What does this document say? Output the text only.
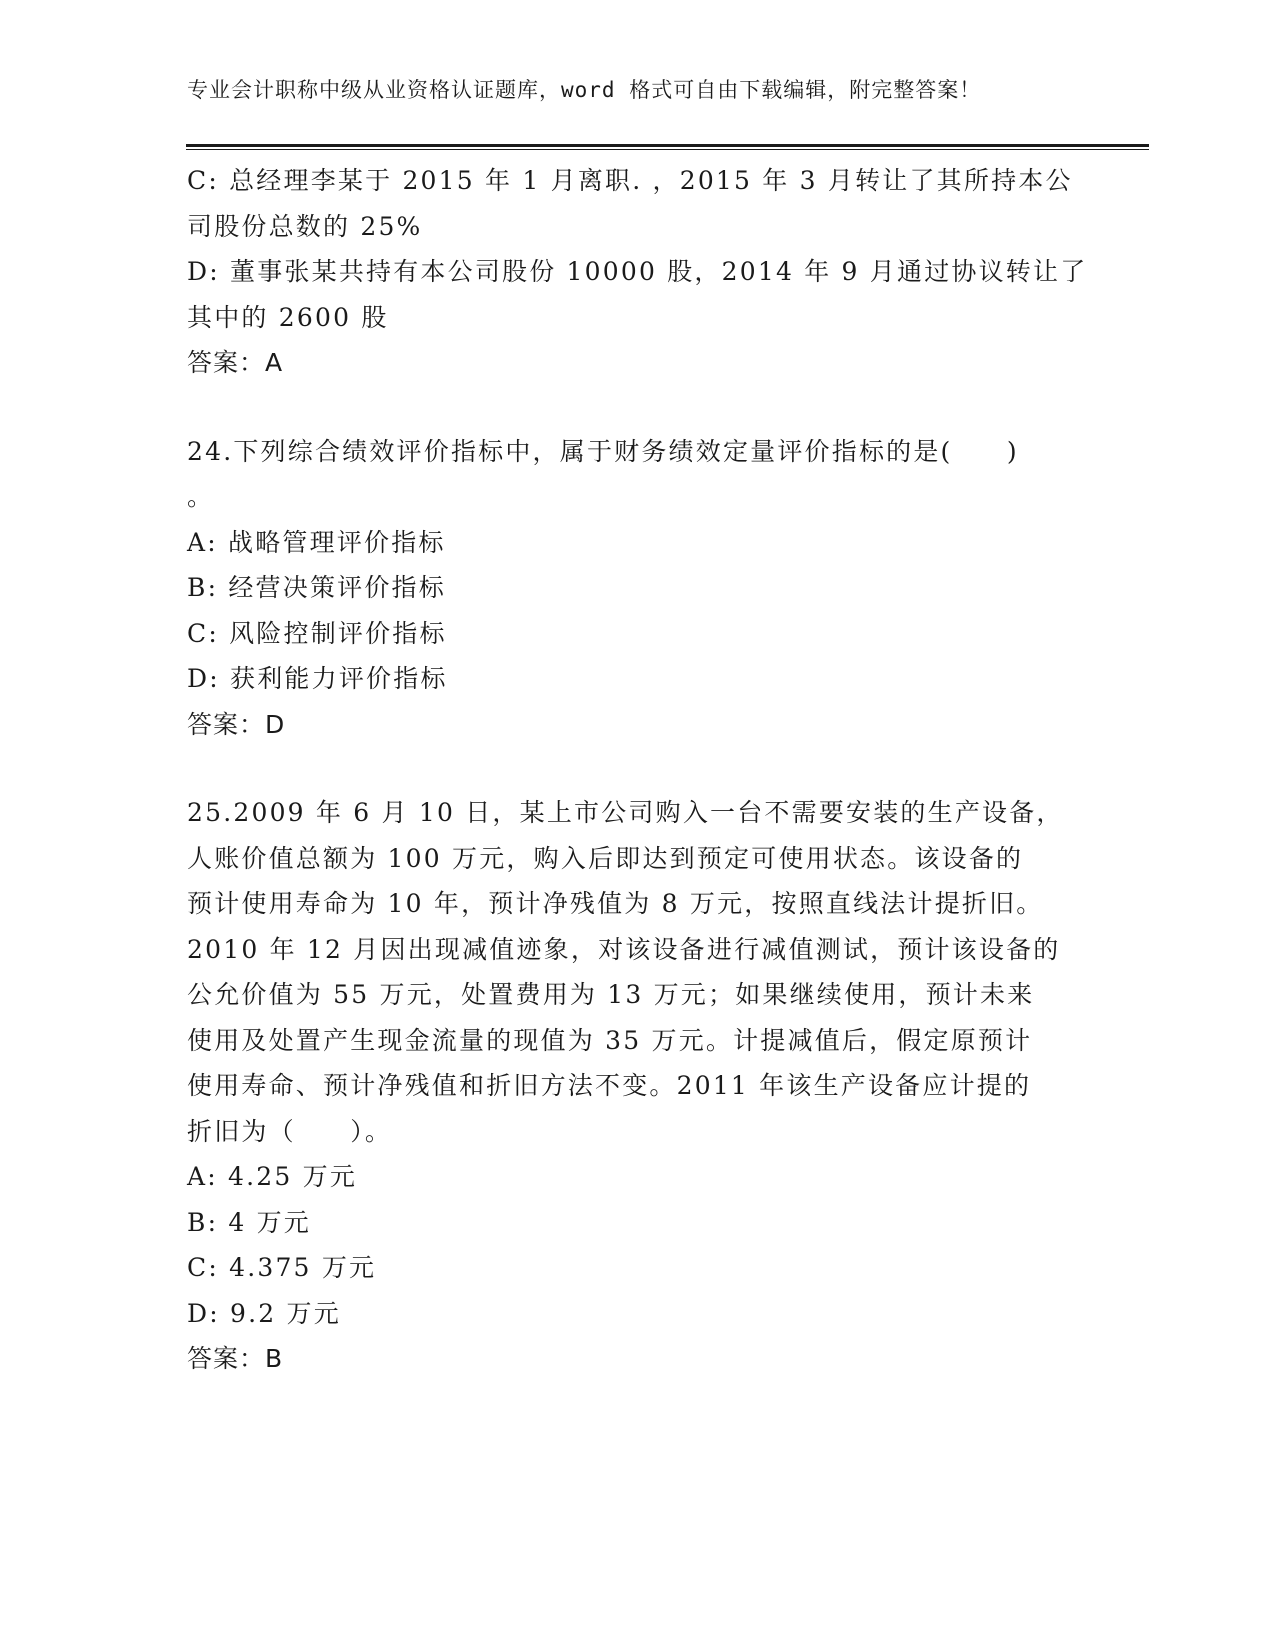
专业会计职称中级从业资格认证题库，word 格式可自由下载编辑，附完整答案！
C: 总经理李某于 2015 年 1 月离职. ，2015 年 3 月转让了其所持本公
司股份总数的 25%
D: 董事张某共持有本公司股份 10000 股，2014 年 9 月通过协议转让了
其中的 2600 股
答案：A
24.下列综合绩效评价指标中，属于财务绩效定量评价指标的是(　　)
。
A: 战略管理评价指标
B: 经营决策评价指标
C: 风险控制评价指标
D: 获利能力评价指标
答案：D
25.2009 年 6 月 10 日，某上市公司购入一台不需要安装的生产设备，
人账价值总额为 100 万元，购入后即达到预定可使用状态。该设备的
预计使用寿命为 10 年，预计净残值为 8 万元，按照直线法计提折旧。
2010 年 12 月因出现减值迹象，对该设备进行减值测试，预计该设备的
公允价值为 55 万元，处置费用为 13 万元；如果继续使用，预计未来
使用及处置产生现金流量的现值为 35 万元。计提减值后，假定原预计
使用寿命、预计净残值和折旧方法不变。2011 年该生产设备应计提的
折旧为（　　）。
A: 4.25 万元
B: 4 万元
C: 4.375 万元
D: 9.2 万元
答案：B
